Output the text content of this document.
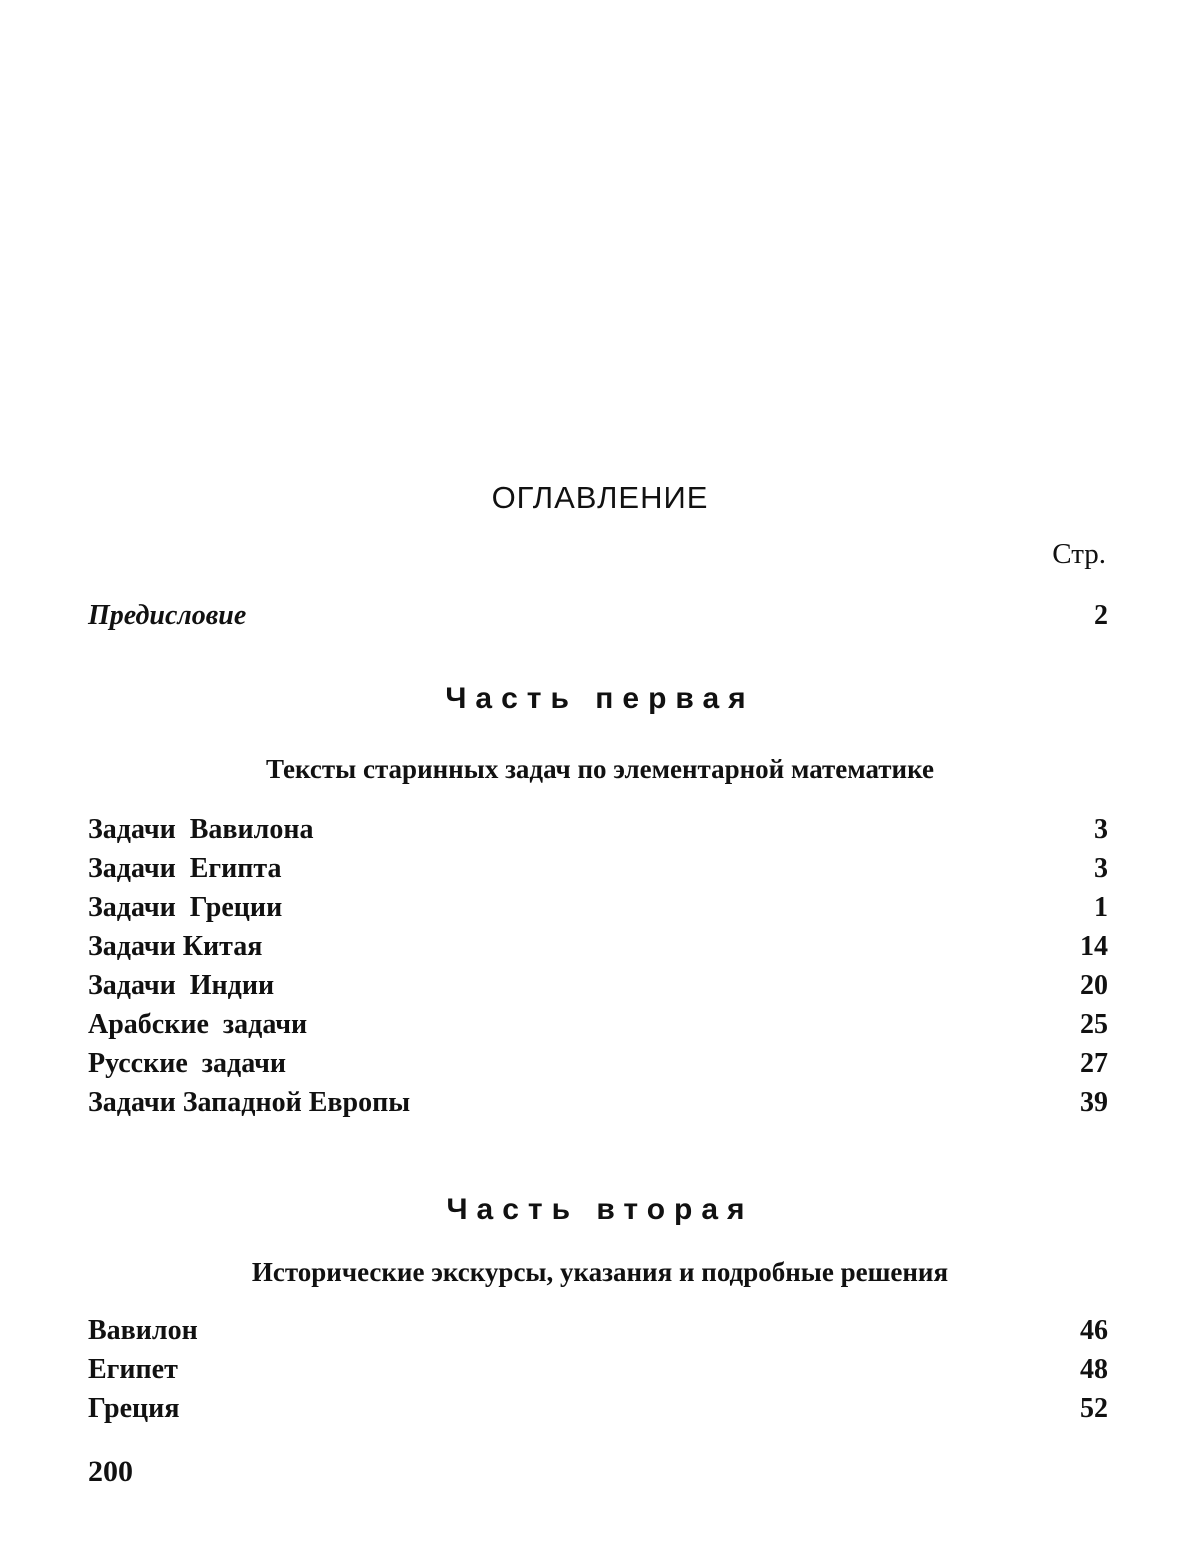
ОГЛАВЛЕНИЕ
Стр.
Предисловие	2
Часть первая
Тексты старинных задач по элементарной математике
Задачи  Вавилона	3
Задачи  Египта	3
Задачи  Греции	1
Задачи Китая	14
Задачи  Индии	20
Арабские  задачи	25
Русские  задачи	27
Задачи Западной Европы	39
Часть вторая
Исторические экскурсы, указания и подробные решения
Вавилон	46
Египет	48
Греция	52
200
